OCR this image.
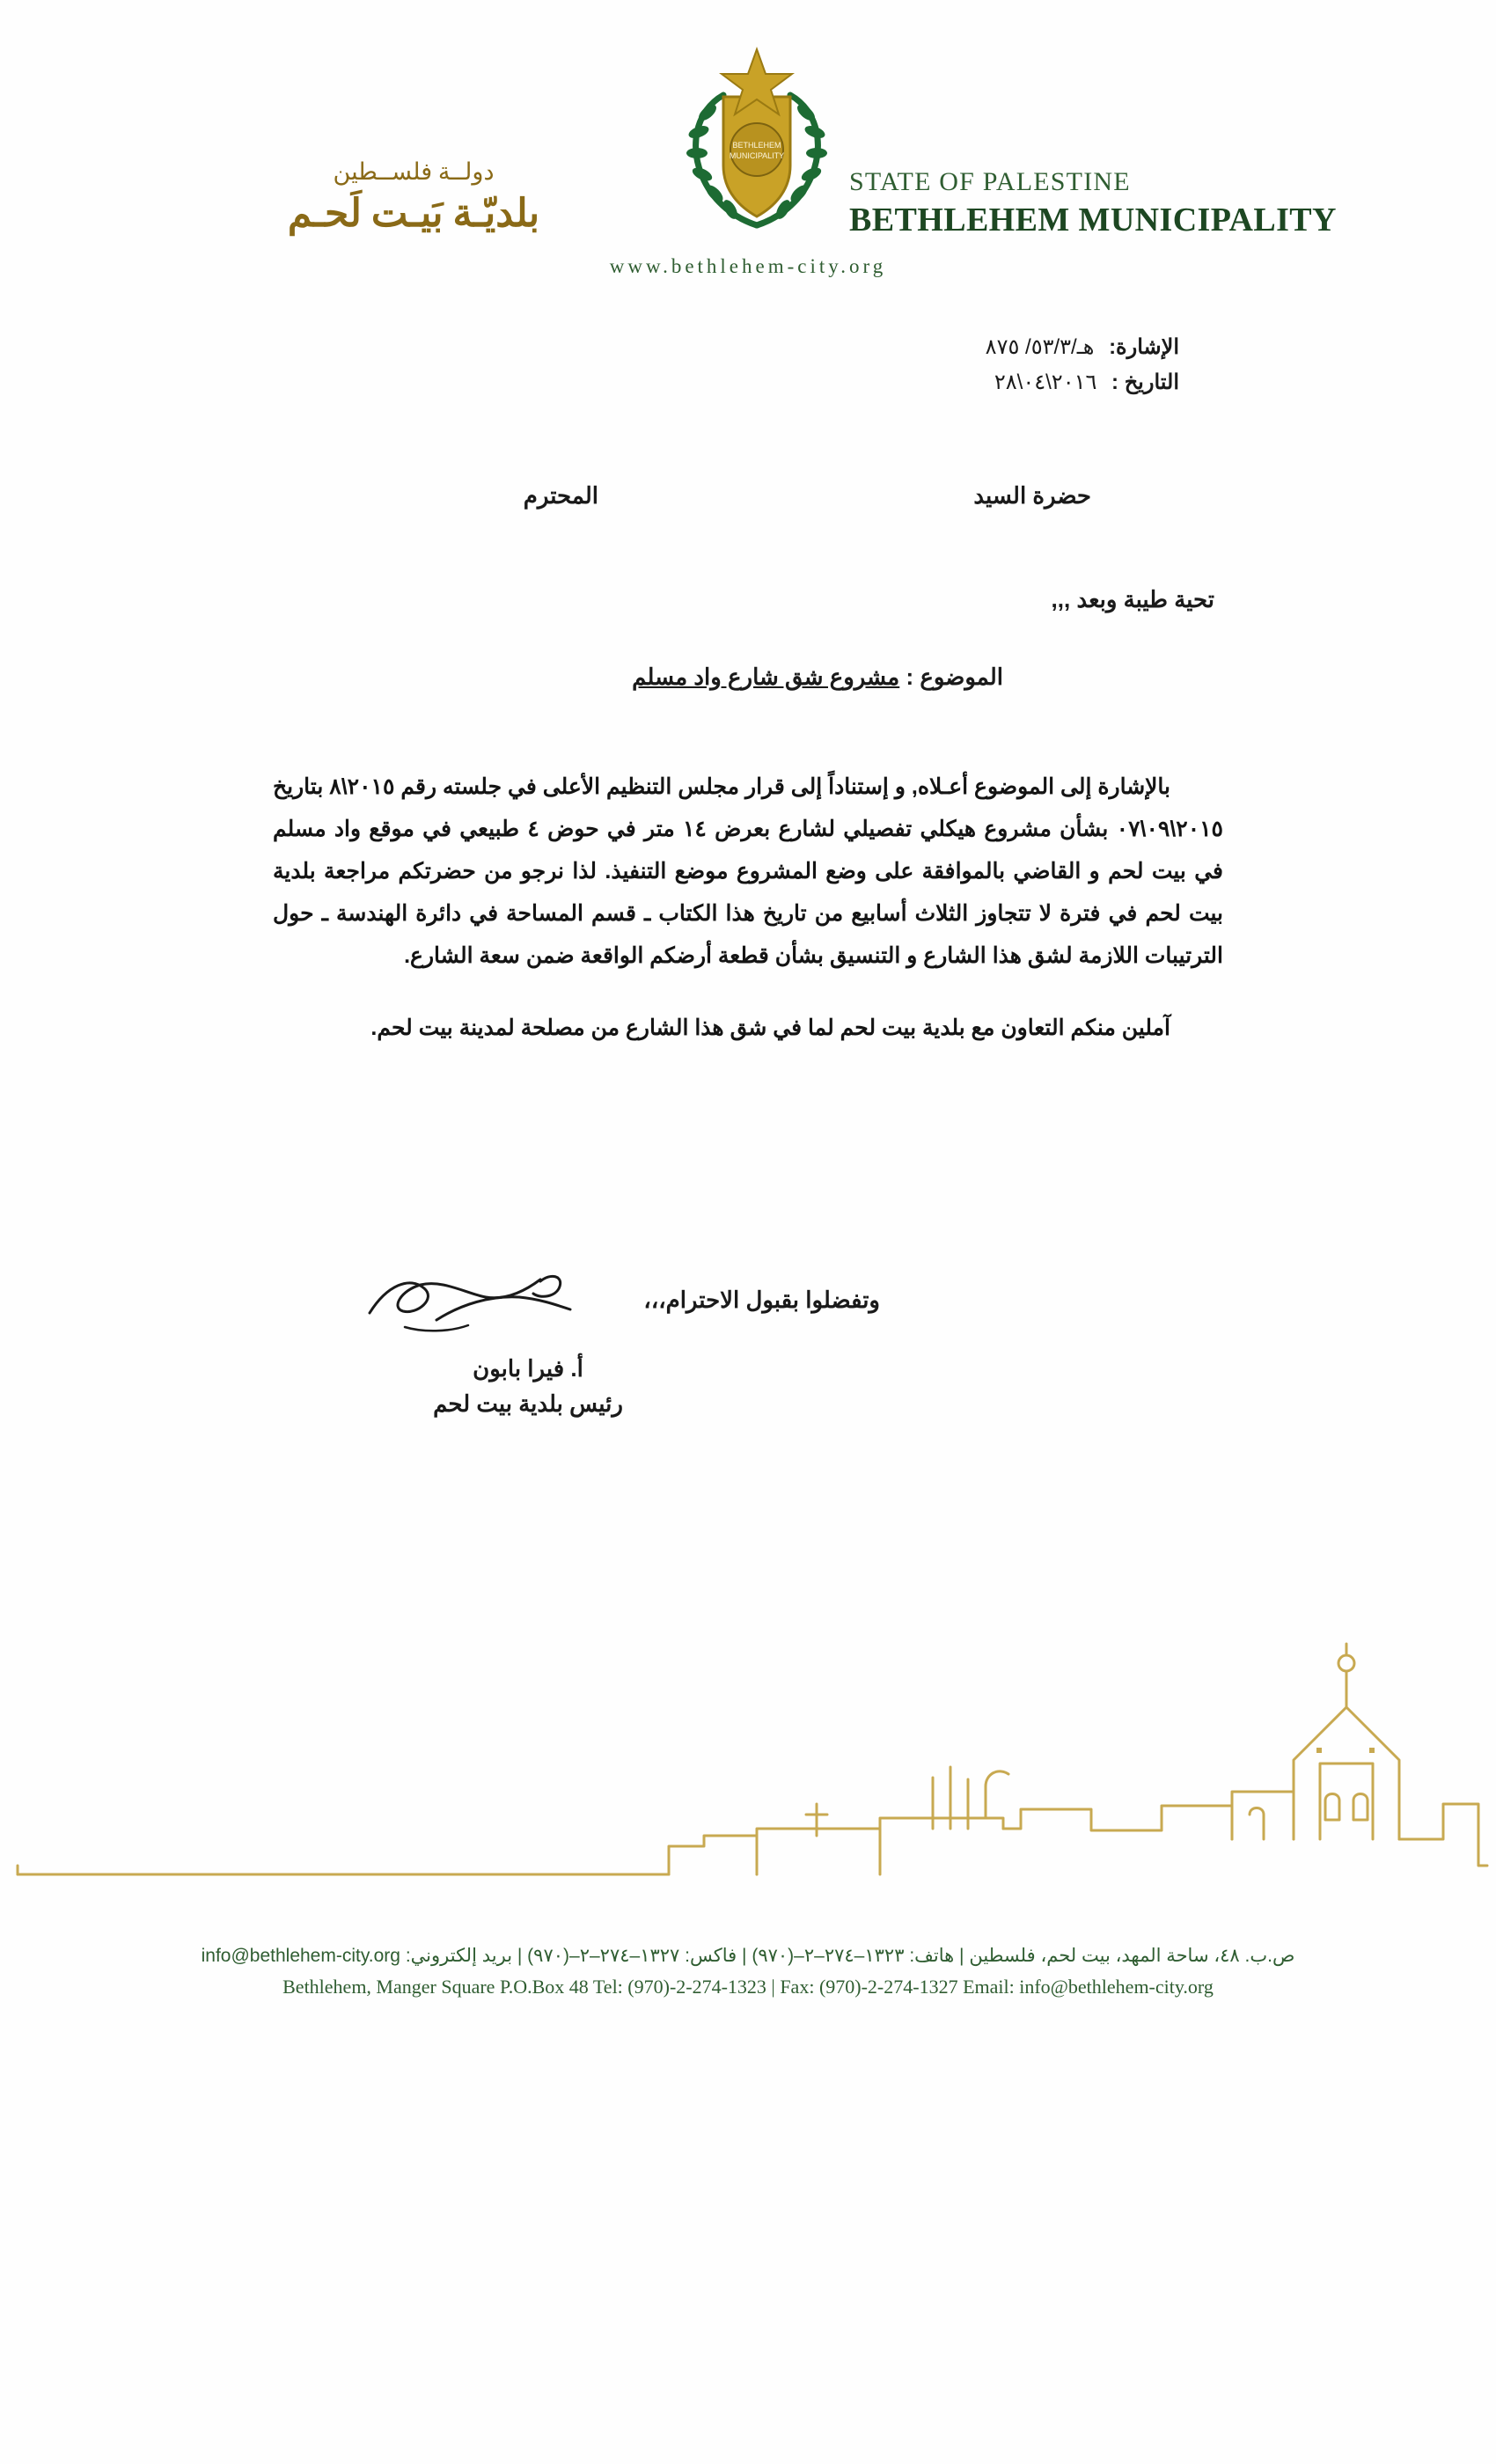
BETHLEHEM
MUNICIPALITY
دولــة فلســطين
بلديّـة بَيـت لَحـم
STATE OF PALESTINE
BETHLEHEM MUNICIPALITY
www.bethlehem-city.org
الإشارة: هـ/٥٣/٣/ ٨٧٥
التاريخ : ٢٠١٦\٠٤\٢٨
حضرة السيد
المحترم
تحية طيبة وبعد ,,,
الموضوع : مشروع شق شارع واد مسلم

بالإشارة إلى الموضوع أعـلاه, و إستناداً إلى قرار مجلس التنظيم الأعلى في جلسته رقم ٢٠١٥\٨ بتاريخ ٢٠١٥\٠٩\٠٧ بشأن مشروع هيكلي تفصيلي لشارع بعرض ١٤ متر في حوض ٤ طبيعي في موقع واد مسلم في بيت لحم و القاضي بالموافقة على وضع المشروع موضع التنفيذ. لذا نرجو من حضرتكم مراجعة بلدية بيت لحم في فترة لا تتجاوز الثلاث أسابيع من تاريخ هذا الكتاب ـ قسم المساحة في دائرة الهندسة ـ حول الترتيبات اللازمة لشق هذا الشارع و التنسيق بشأن قطعة أرضكم الواقعة ضمن سعة الشارع.

آملين منكم التعاون مع بلدية بيت لحم لما في شق هذا الشارع من مصلحة لمدينة بيت لحم.

وتفضلوا بقبول الاحترام،،،
أ. فيرا بابون
رئيس بلدية بيت لحم
ص.ب. ٤٨، ساحة المهد، بيت لحم، فلسطين | هاتف: ١٣٢٣–٢٧٤–٢–(٩٧٠) | فاكس: ١٣٢٧–٢٧٤–٢–(٩٧٠) | بريد إلكتروني: info@bethlehem-city.org
Bethlehem, Manger Square P.O.Box 48 Tel: (970)-2-274-1323 | Fax: (970)-2-274-1327 Email: info@bethlehem-city.org
